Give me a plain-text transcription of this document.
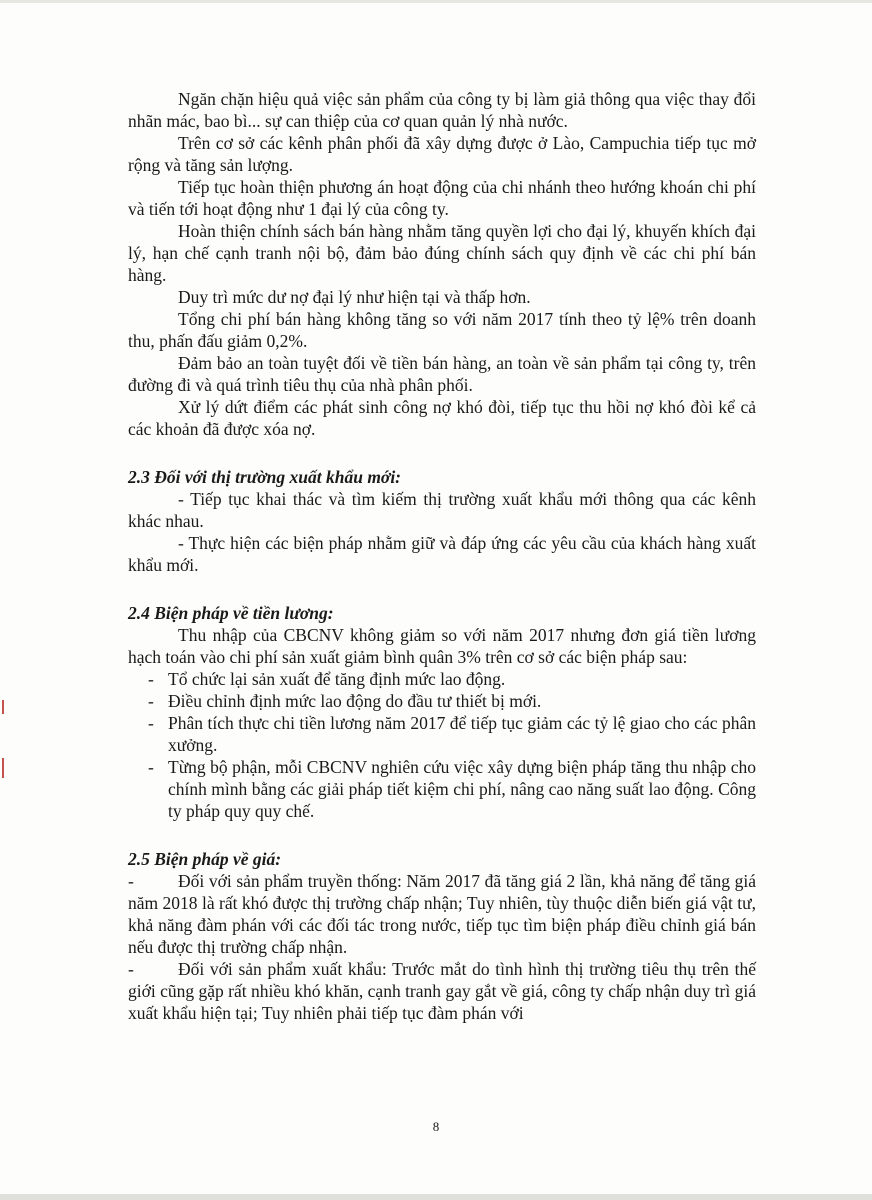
Ngăn chặn hiệu quả việc sản phẩm của công ty bị làm giả thông qua việc thay đổi nhãn mác, bao bì... sự can thiệp của cơ quan quản lý nhà nước.

Trên cơ sở các kênh phân phối đã xây dựng được ở Lào, Campuchia tiếp tục mở rộng và tăng sản lượng.

Tiếp tục hoàn thiện phương án hoạt động của chi nhánh theo hướng khoán chi phí và tiến tới hoạt động như 1 đại lý của công ty.

Hoàn thiện chính sách bán hàng nhằm tăng quyền lợi cho đại lý, khuyến khích đại lý, hạn chế cạnh tranh nội bộ, đảm bảo đúng chính sách quy định về các chi phí bán hàng.

Duy trì mức dư nợ đại lý như hiện tại và thấp hơn.

Tổng chi phí bán hàng không tăng so với năm 2017 tính theo tỷ lệ% trên doanh thu, phấn đấu giảm 0,2%.

Đảm bảo an toàn tuyệt đối về tiền bán hàng, an toàn về sản phẩm tại công ty, trên đường đi và quá trình tiêu thụ của nhà phân phối.

Xử lý dứt điểm các phát sinh công nợ khó đòi, tiếp tục thu hồi nợ khó đòi kể cả các khoản đã được xóa nợ.

2.3 Đối với thị trường xuất khẩu mới:

- Tiếp tục khai thác và tìm kiếm thị trường xuất khẩu mới thông qua các kênh khác nhau.

- Thực hiện các biện pháp nhằm giữ và đáp ứng các yêu cầu của khách hàng xuất khẩu mới.

2.4 Biện pháp về tiền lương:

Thu nhập của CBCNV không giảm so với năm 2017 nhưng đơn giá tiền lương hạch toán vào chi phí sản xuất giảm bình quân 3% trên cơ sở các biện pháp sau:

- Tổ chức lại sản xuất để tăng định mức lao động.
- Điều chỉnh định mức lao động do đầu tư thiết bị mới.
- Phân tích thực chi tiền lương năm 2017 để tiếp tục giảm các tỷ lệ giao cho các phân xưởng.
- Từng bộ phận, mỗi CBCNV nghiên cứu việc xây dựng biện pháp tăng thu nhập cho chính mình bằng các giải pháp tiết kiệm chi phí, nâng cao năng suất lao động. Công ty pháp quy quy chế.

2.5 Biện pháp về giá:

-	Đối với sản phẩm truyền thống: Năm 2017 đã tăng giá 2 lần, khả năng để tăng giá năm 2018 là rất khó được thị trường chấp nhận; Tuy nhiên, tùy thuộc diễn biến giá vật tư, khả năng đàm phán với các đối tác trong nước, tiếp tục tìm biện pháp điều chỉnh giá bán nếu được thị trường chấp nhận.

-	Đối với sản phẩm xuất khẩu: Trước mắt do tình hình thị trường tiêu thụ trên thế giới cũng gặp rất nhiều khó khăn, cạnh tranh gay gắt về giá, công ty chấp nhận duy trì giá xuất khẩu hiện tại; Tuy nhiên phải tiếp tục đàm phán với

8
